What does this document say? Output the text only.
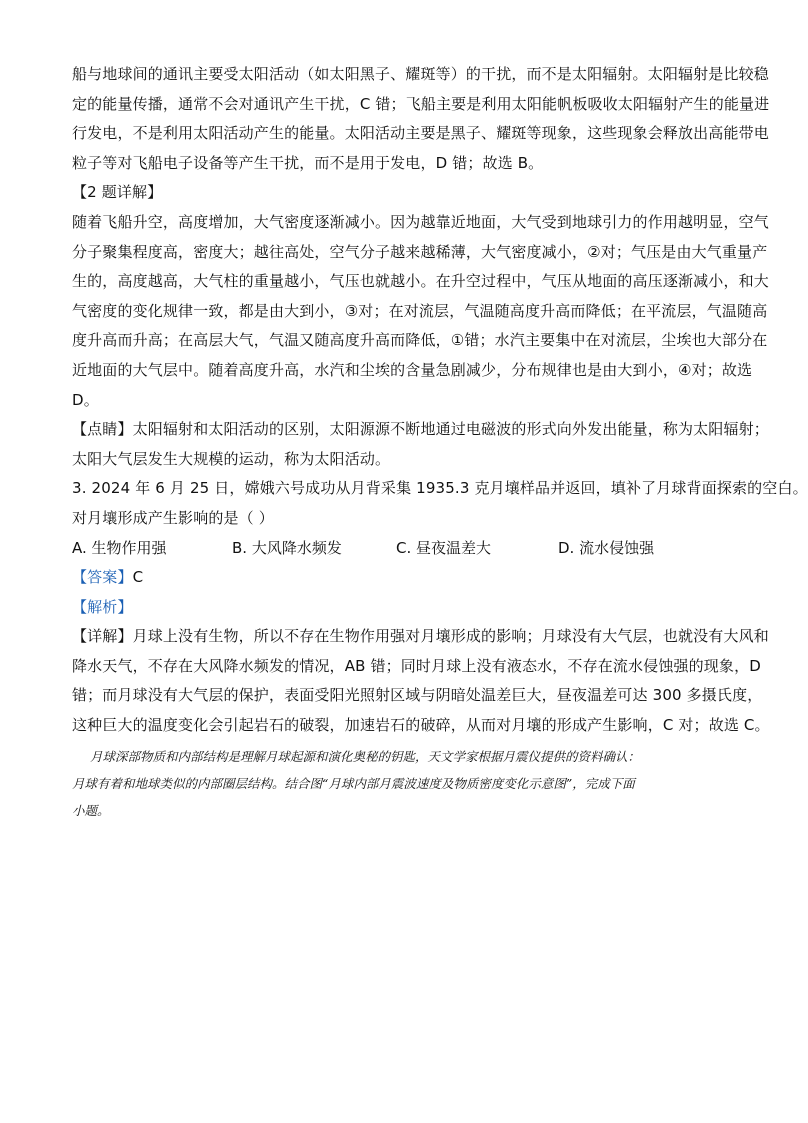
船与地球间的通讯主要受太阳活动（如太阳黑子、耀斑等）的干扰，而不是太阳辐射。太阳辐射是比较稳
定的能量传播，通常不会对通讯产生干扰，C 错；飞船主要是利用太阳能帆板吸收太阳辐射产生的能量进
行发电，不是利用太阳活动产生的能量。太阳活动主要是黑子、耀斑等现象，这些现象会释放出高能带电
粒子等对飞船电子设备等产生干扰，而不是用于发电，D 错；故选 B。
【2 题详解】
随着飞船升空，高度增加，大气密度逐渐减小。因为越靠近地面，大气受到地球引力的作用越明显，空气
分子聚集程度高，密度大；越往高处，空气分子越来越稀薄，大气密度减小，②对；气压是由大气重量产
生的，高度越高，大气柱的重量越小，气压也就越小。在升空过程中，气压从地面的高压逐渐减小，和大
气密度的变化规律一致，都是由大到小，③对；在对流层，气温随高度升高而降低；在平流层，气温随高
度升高而升高；在高层大气，气温又随高度升高而降低，①错；水汽主要集中在对流层，尘埃也大部分在
近地面的大气层中。随着高度升高，水汽和尘埃的含量急剧减少，分布规律也是由大到小，④对；故选
D。
【点睛】太阳辐射和太阳活动的区别，太阳源源不断地通过电磁波的形式向外发出能量，称为太阳辐射；
太阳大气层发生大规模的运动，称为太阳活动。
3. 2024 年 6 月 25 日，嫦娥六号成功从月背采集 1935.3 克月壤样品并返回，填补了月球背面探索的空白。
对月壤形成产生影响的是（ ）
A. 生物作用强	B. 大风降水频发	C. 昼夜温差大	D. 流水侵蚀强
【答案】C
【解析】
【详解】月球上没有生物，所以不存在生物作用强对月壤形成的影响；月球没有大气层，也就没有大风和
降水天气，不存在大风降水频发的情况，AB 错；同时月球上没有液态水，不存在流水侵蚀强的现象，D
错；而月球没有大气层的保护，表面受阳光照射区域与阴暗处温差巨大，昼夜温差可达 300 多摄氏度，
这种巨大的温度变化会引起岩石的破裂，加速岩石的破碎，从而对月壤的形成产生影响，C 对；故选 C。
月球深部物质和内部结构是理解月球起源和演化奥秘的钥匙，天文学家根据月震仪提供的资料确认：
月球有着和地球类似的内部圈层结构。结合图“月球内部月震波速度及物质密度变化示意图”，完成下面
小题。
